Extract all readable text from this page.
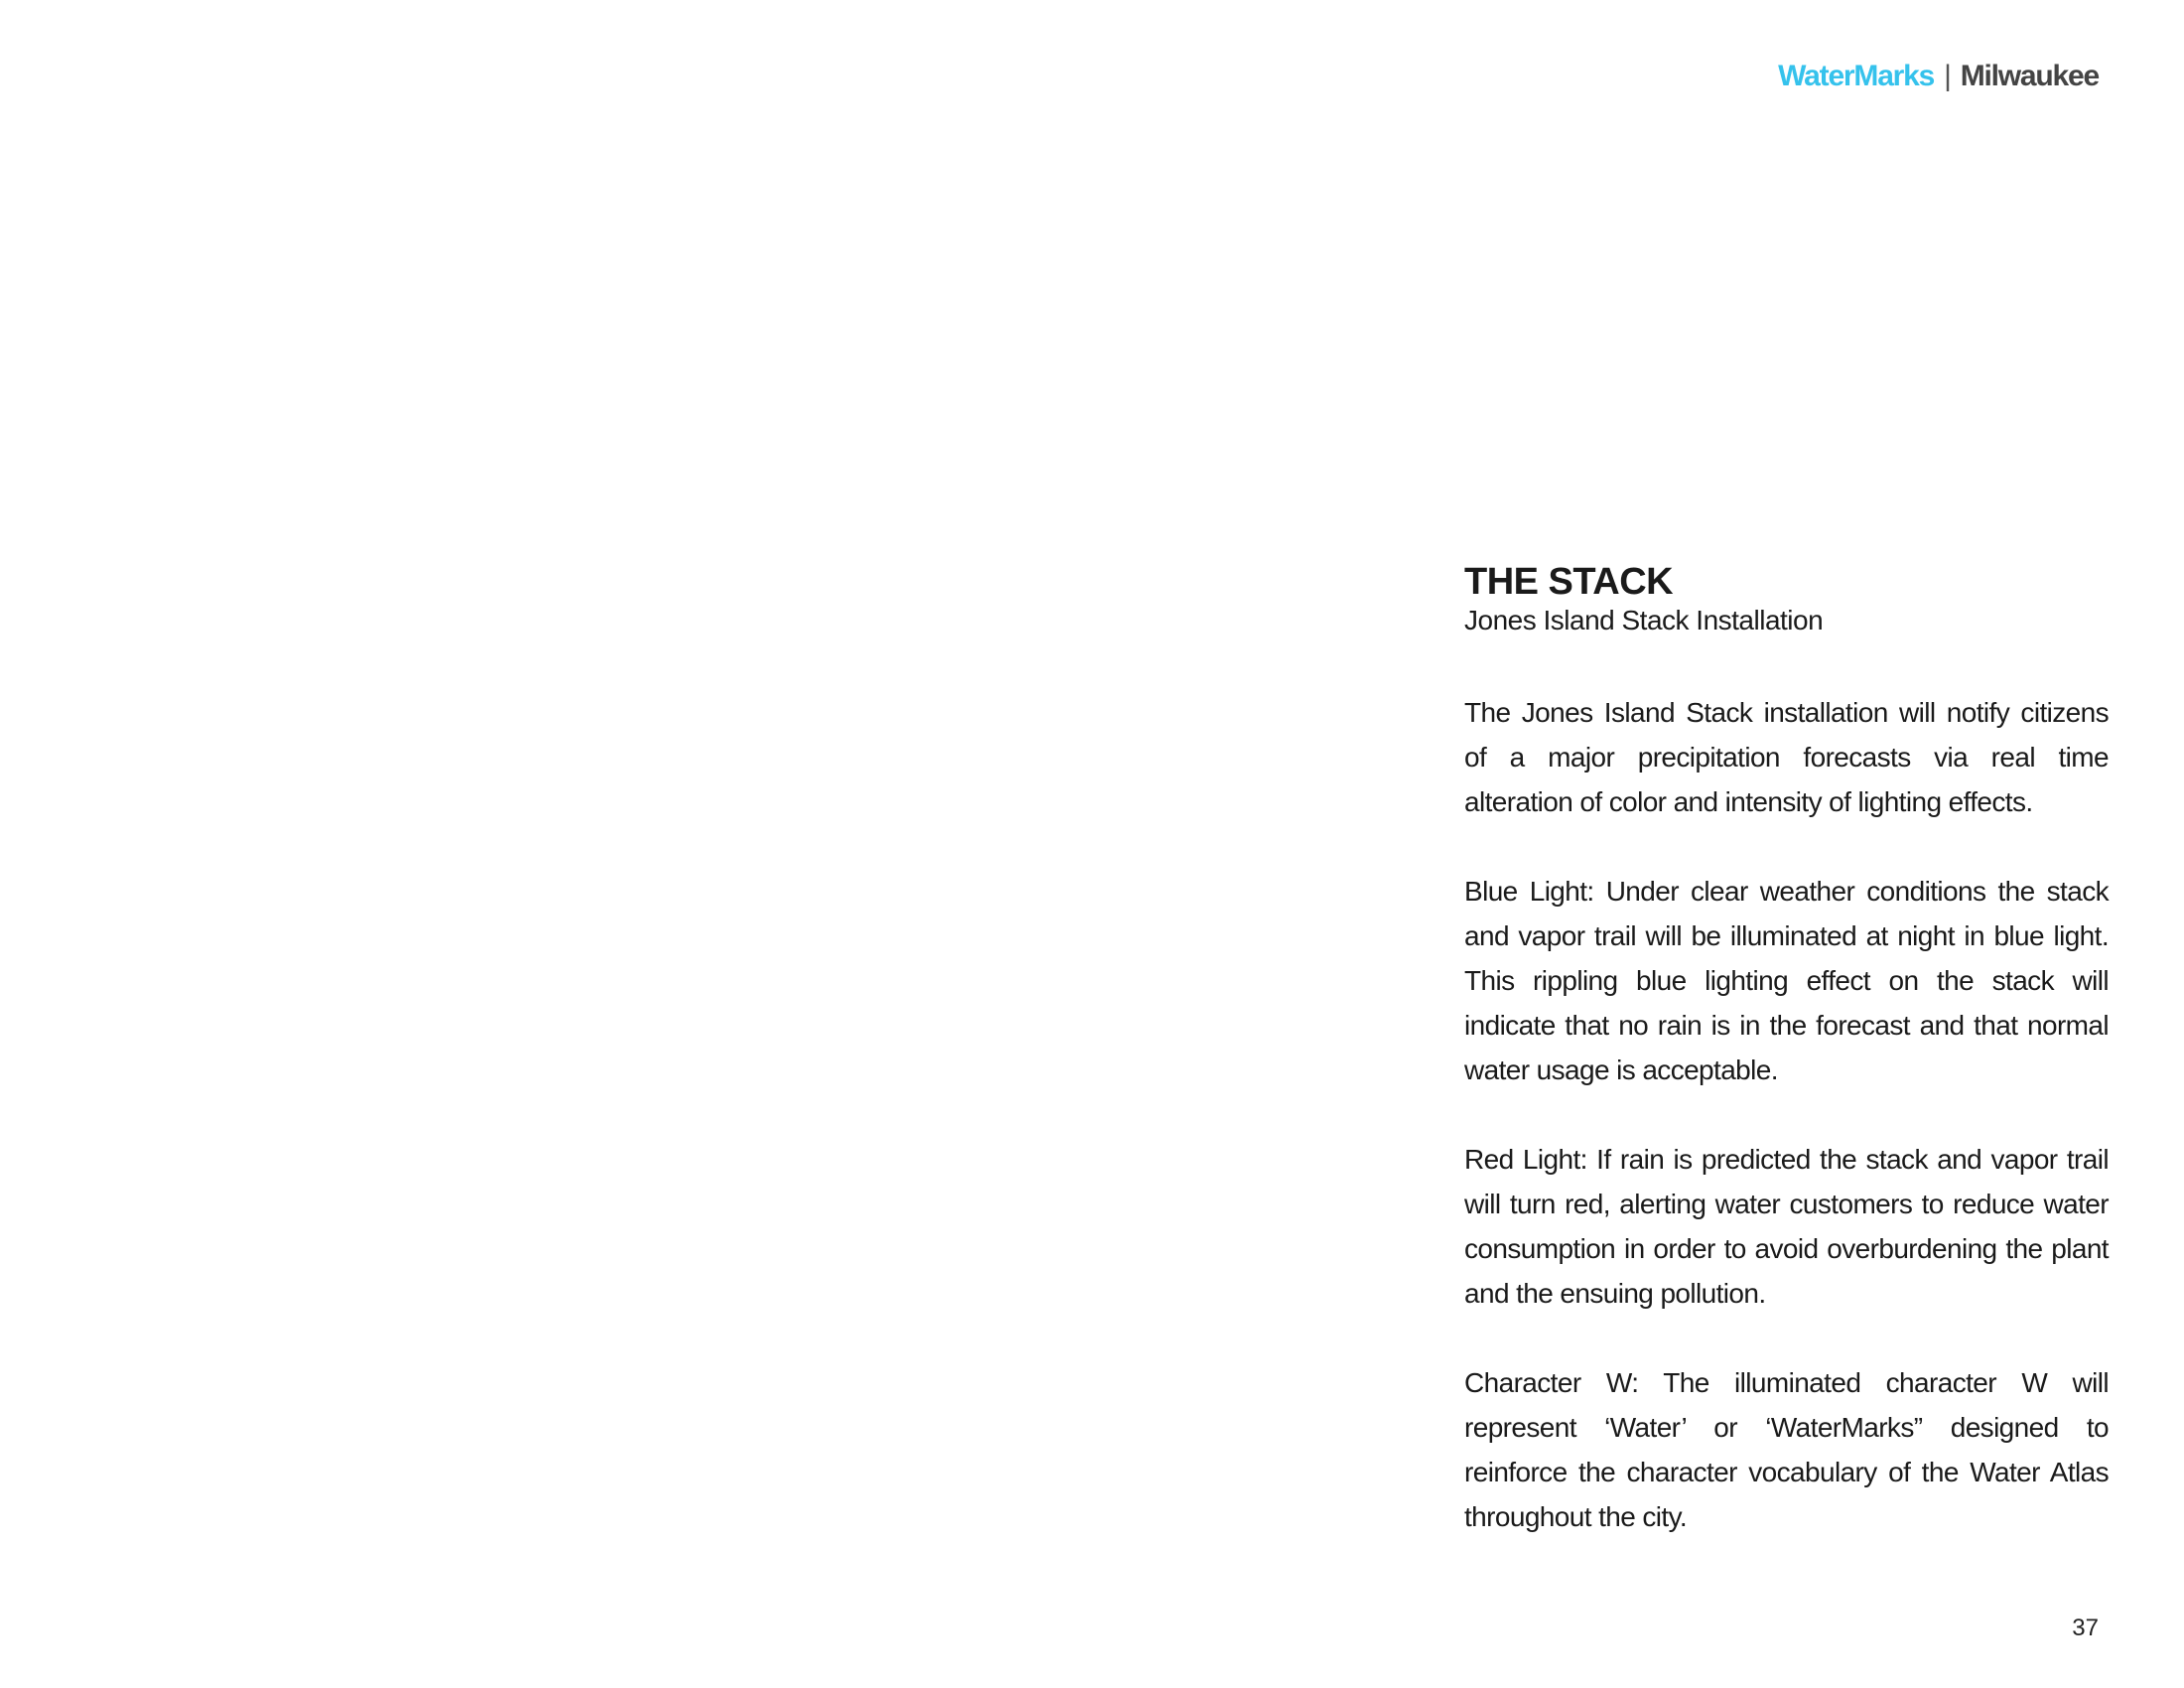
WaterMarks | Milwaukee
THE STACK

Jones Island Stack Installation

The Jones Island Stack installation will notify citizens of a major precipitation forecasts via real time alteration of color and intensity of lighting effects.

Blue Light: Under clear weather conditions the stack and vapor trail will be illuminated at night in blue light. This rippling blue lighting effect on the stack will indicate that no rain is in the forecast and that normal water usage is acceptable.

Red Light: If rain is predicted the stack and vapor trail will turn red, alerting water customers to reduce water consumption in order to avoid overburdening the plant and the ensuing pollution.

Character W: The illuminated character W will represent ‘Water’ or ‘WaterMarks” designed to reinforce the character vocabulary of the Water Atlas throughout the city.

37
